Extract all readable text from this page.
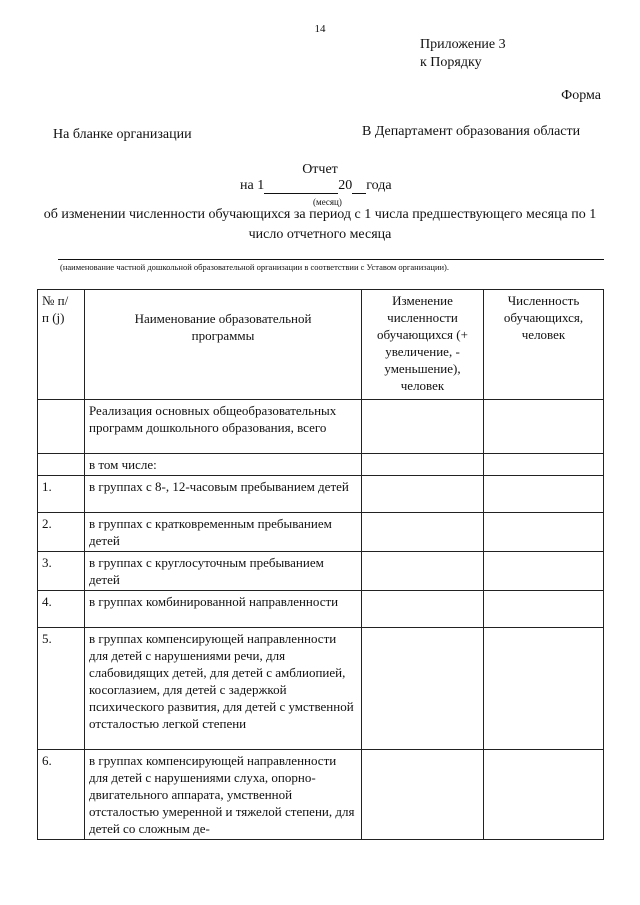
14
Приложение 3
к Порядку
Форма
На бланке организации	В Департамент образования области
Отчет
на 1	20 года
(месяц)
об изменении численности обучающихся за период с 1 числа предшествующего месяца по 1 число отчетного месяца
(наименование частной дошкольной образовательной организации в соответствии с Уставом организации).
№ п/п (j)	Наименование образовательной программы	Изменение численности обучающихся (+ увеличение, - уменьшение), человек	Численность обучающихся, человек
	Реализация основных общеобразовательных программ дошкольного образования, всего		
	в том числе:		
1.	в группах с 8-, 12-часовым пребыванием детей		
2.	в группах с кратковременным пребыванием детей		
3.	в группах с круглосуточным пребыванием детей		
4.	в группах комбинированной направленности		
5.	в группах компенсирующей направленности для детей с нарушениями речи, для слабовидящих детей, для детей с амблиопией, косоглазием, для детей с задержкой психического развития, для детей с умственной отсталостью легкой степени		
6.	в группах компенсирующей направленности для детей с нарушениями слуха, опорно-двигательного аппарата, умственной отсталостью умеренной и тяжелой степени, для детей со сложным де-		
